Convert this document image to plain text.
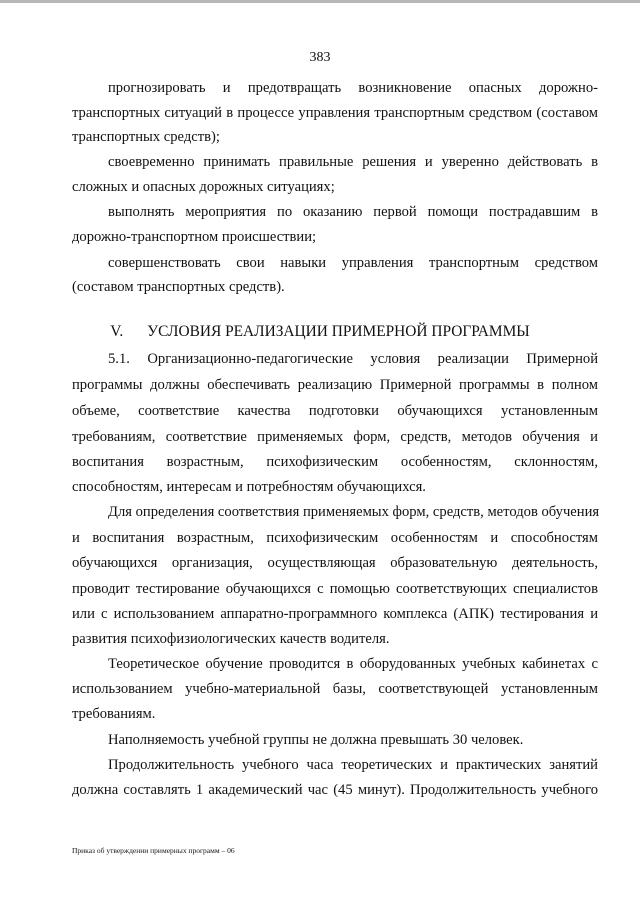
383
прогнозировать и предотвращать возникновение опасных дорожно-
транспортных ситуаций в процессе управления транспортным средством (составом
транспортных средств);
своевременно принимать правильные решения и уверенно действовать в
сложных и опасных дорожных ситуациях;
выполнять мероприятия по оказанию первой помощи пострадавшим в
дорожно-транспортном происшествии;
совершенствовать свои навыки управления транспортным средством
(составом транспортных средств).
V. УСЛОВИЯ РЕАЛИЗАЦИИ ПРИМЕРНОЙ ПРОГРАММЫ
5.1. Организационно-педагогические условия реализации Примерной
программы должны обеспечивать реализацию Примерной программы в полном
объеме, соответствие качества подготовки обучающихся установленным
требованиям, соответствие применяемых форм, средств, методов обучения и
воспитания возрастным, психофизическим особенностям, склонностям,
способностям, интересам и потребностям обучающихся.
Для определения соответствия применяемых форм, средств, методов обучения
и воспитания возрастным, психофизическим особенностям и способностям
обучающихся организация, осуществляющая образовательную деятельность,
проводит тестирование обучающихся с помощью соответствующих специалистов
или с использованием аппаратно-программного комплекса (АПК) тестирования и
развития психофизиологических качеств водителя.
Теоретическое обучение проводится в оборудованных учебных кабинетах с
использованием учебно-материальной базы, соответствующей установленным
требованиям.
Наполняемость учебной группы не должна превышать 30 человек.
Продолжительность учебного часа теоретических и практических занятий
должна составлять 1 академический час (45 минут). Продолжительность учебного
Приказ об утверждении примерных программ – 06
